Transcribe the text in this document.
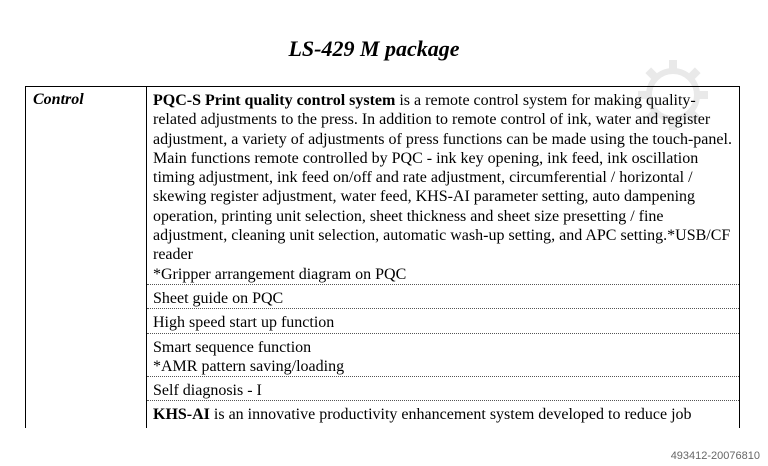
LS-429 M package
Control	PQC-S Print quality control system is a remote control system for making quality-related adjustments to the press. In addition to remote control of ink, water and register adjustment, a variety of adjustments of press functions can be made using the touch-panel.

Main functions remote controlled by PQC - ink key opening, ink feed, ink oscillation timing adjustment, ink feed on/off and rate adjustment, circumferential / horizontal / skewing register adjustment, water feed, KHS-AI parameter setting, auto dampening operation, printing unit selection, sheet thickness and sheet size presetting / fine adjustment, cleaning unit selection, automatic wash-up setting, and APC setting.*USB/CF reader

*Gripper arrangement diagram on PQC

Sheet guide on PQC
High speed start up function

Smart sequence function

*AMR pattern saving/loading

Self diagnosis - I

KHS-AI is an innovative productivity enhancement system developed to reduce job

493412-20076810
